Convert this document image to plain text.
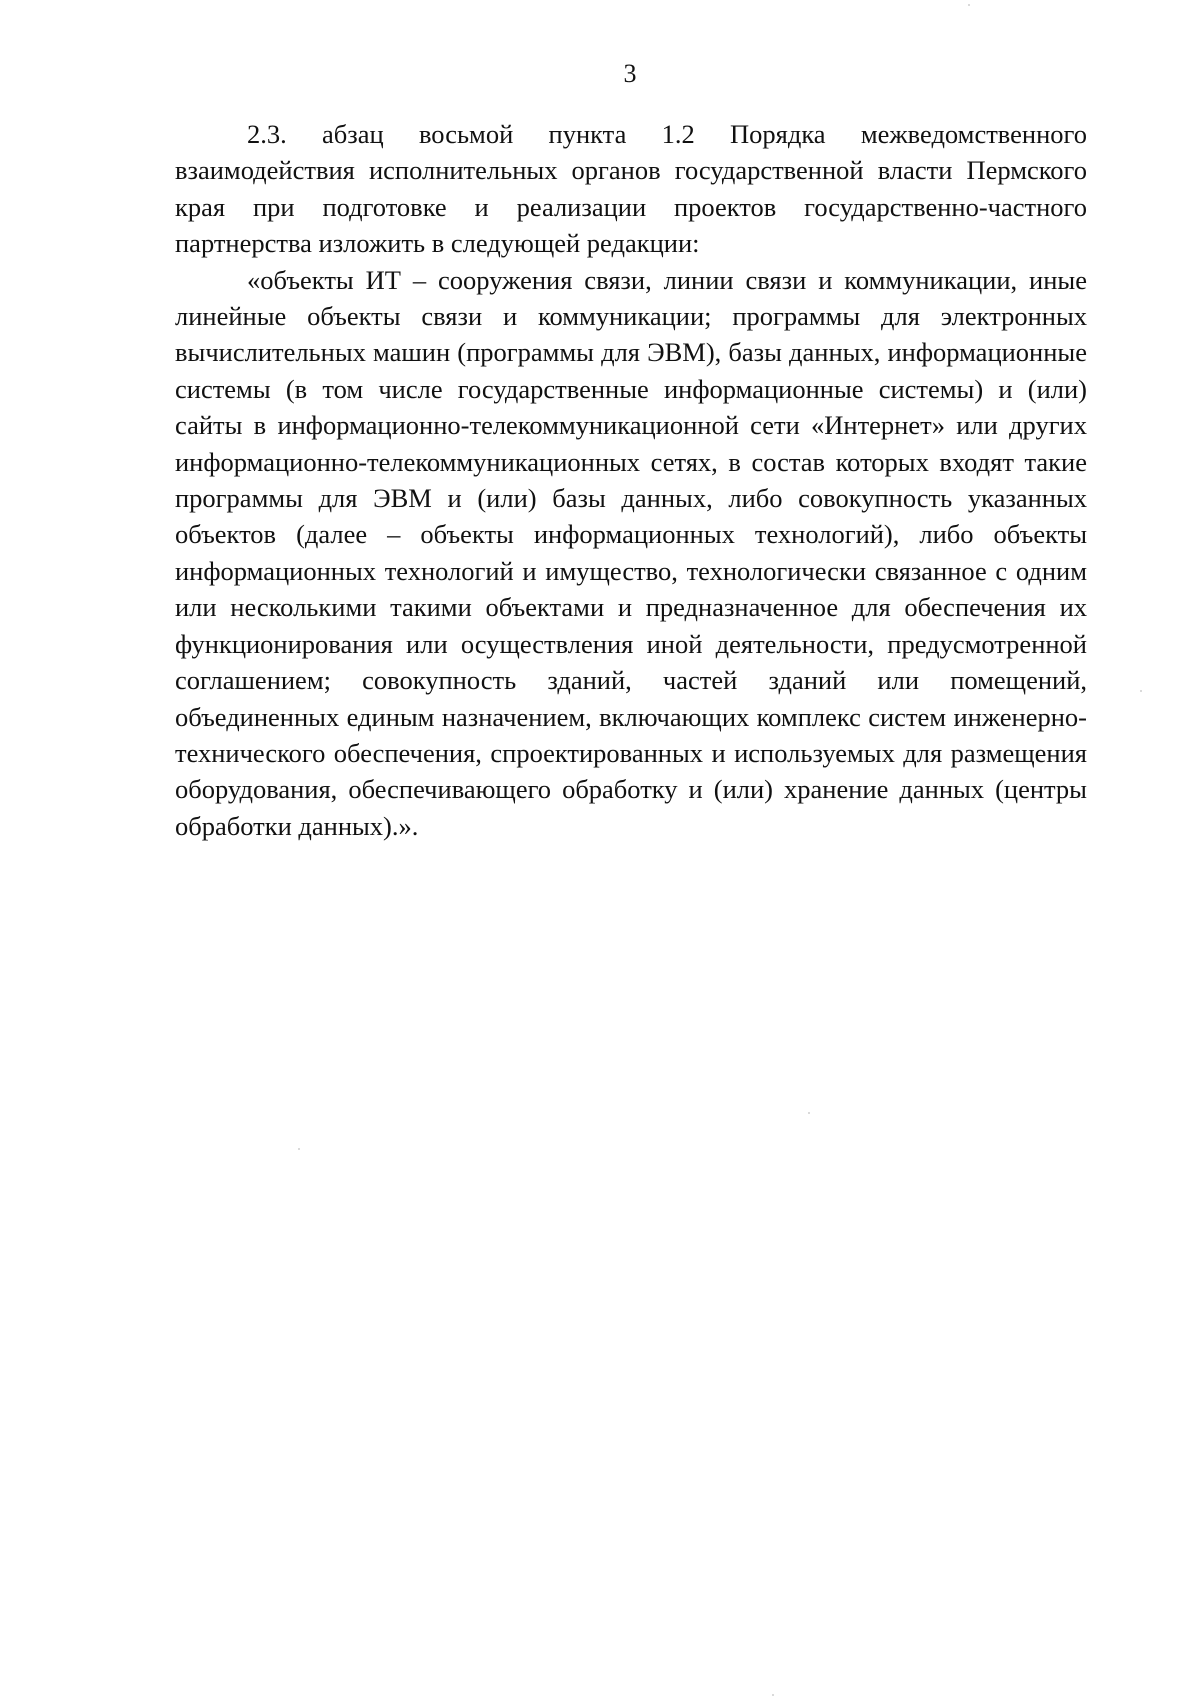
3

2.3. абзац восьмой пункта 1.2 Порядка межведомственного взаимодействия исполнительных органов государственной власти Пермского края при подготовке и реализации проектов государственно-частного партнерства изложить в следующей редакции:

«объекты ИТ – сооружения связи, линии связи и коммуникации, иные линейные объекты связи и коммуникации; программы для электронных вычислительных машин (программы для ЭВМ), базы данных, информационные системы (в том числе государственные информационные системы) и (или) сайты в информационно-телекоммуникационной сети «Интернет» или других информационно-телекоммуникационных сетях, в состав которых входят такие программы для ЭВМ и (или) базы данных, либо совокупность указанных объектов (далее – объекты информационных технологий), либо объекты информационных технологий и имущество, технологически связанное с одним или несколькими такими объектами и предназначенное для обеспечения их функционирования или осуществления иной деятельности, предусмотренной соглашением; совокупность зданий, частей зданий или помещений, объединенных единым назначением, включающих комплекс систем инженерно-технического обеспечения, спроектированных и используемых для размещения оборудования, обеспечивающего обработку и (или) хранение данных (центры обработки данных).».
